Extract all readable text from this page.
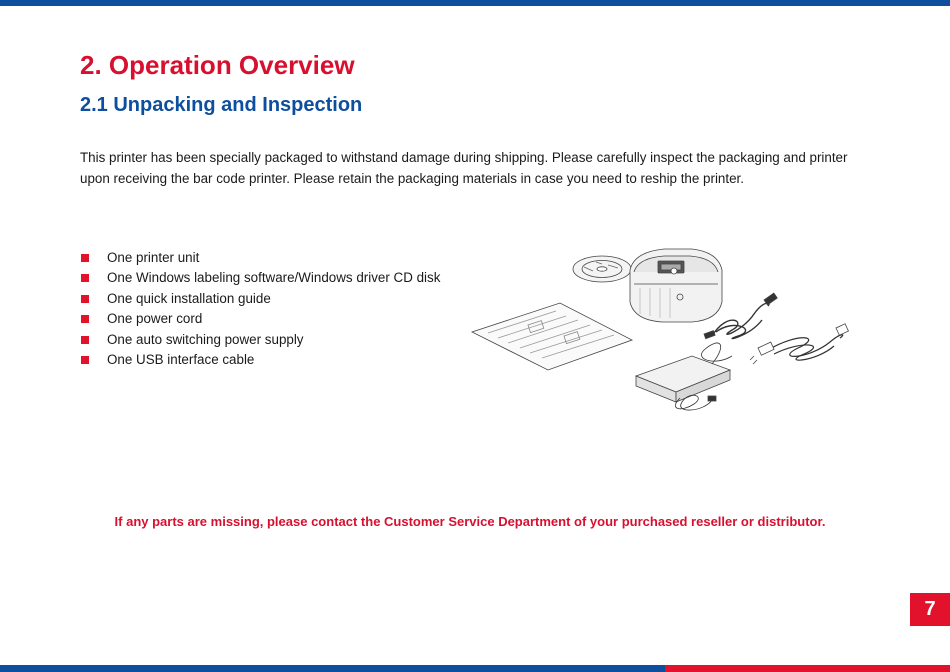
2. Operation Overview
2.1 Unpacking and Inspection

This printer has been specially packaged to withstand damage during shipping. Please carefully inspect the packaging and printer upon receiving the bar code printer. Please retain the packaging materials in case you need to reship the printer.

One printer unit
One Windows labeling software/Windows driver CD disk
One quick installation guide
One power cord
One auto switching power supply
One USB interface cable

If any parts are missing, please contact the Customer Service Department of your purchased reseller or distributor.

7
